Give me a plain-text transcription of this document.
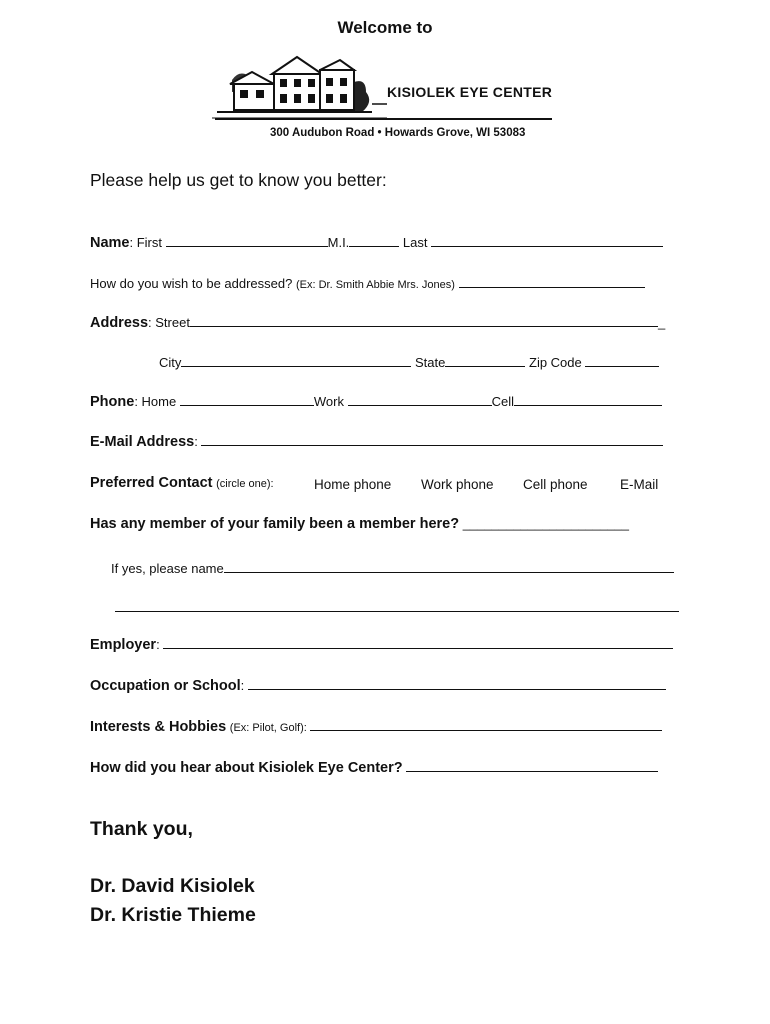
Welcome to
KISIOLEK EYE CENTER
300 Audubon Road • Howards Grove, WI 53083
Please help us get to know you better:
Name: First	M.I.	Last
How do you wish to be addressed? (Ex: Dr. Smith Abbie Mrs. Jones)
Address: Street	_
City	State	Zip Code
Phone: Home	Work	Cell
E-Mail Address:
Preferred Contact (circle one):	Home phone Work phone Cell phone E-Mail
Has any member of your family been a member here? _______________________
If yes, please name
Employer:
Occupation or School:
Interests & Hobbies (Ex: Pilot, Golf):
How did you hear about Kisiolek Eye Center?
Thank you,
Dr. David Kisiolek
Dr. Kristie Thieme
